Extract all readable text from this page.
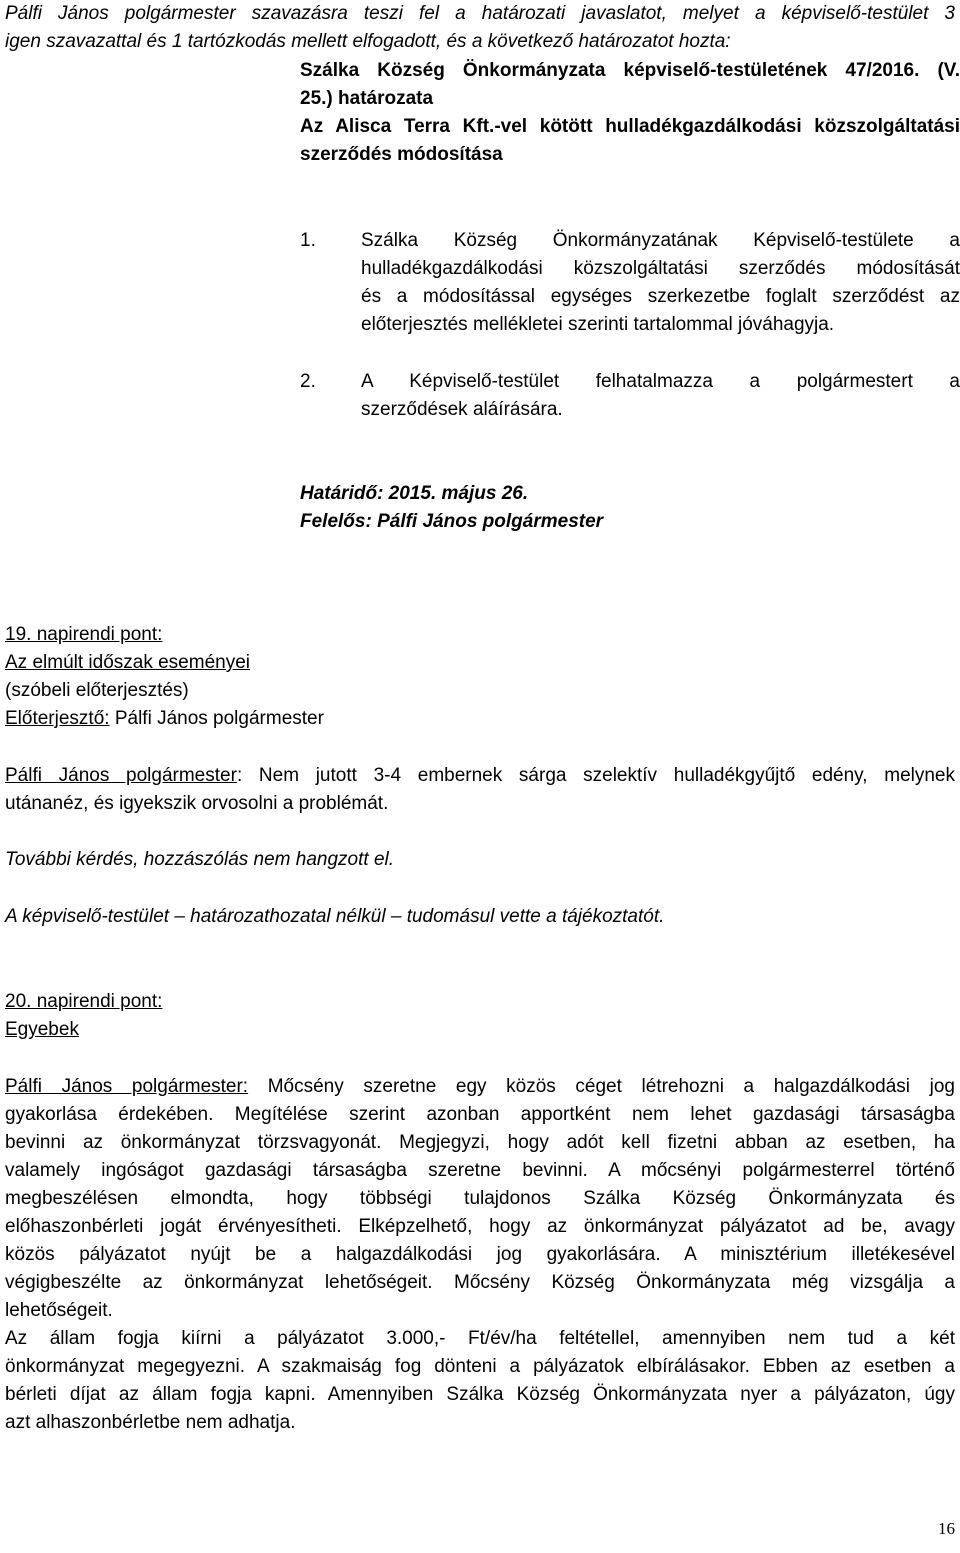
Pálfi János polgármester szavazásra teszi fel a határozati javaslatot, melyet a képviselő-testület 3
igen szavazattal és 1 tartózkodás mellett elfogadott, és a következő határozatot hozta:
Szálka Község Önkormányzata képviselő-testületének 47/2016. (V.
25.) határozata
Az Alisca Terra Kft.-vel kötött hulladékgazdálkodási közszolgáltatási
szerződés módosítása
1. Szálka Község Önkormányzatának Képviselő-testülete a
hulladékgazdálkodási közszolgáltatási szerződés módosítását
és a módosítással egységes szerkezetbe foglalt szerződést az
előterjesztés mellékletei szerinti tartalommal jóváhagyja.
2. A Képviselő-testület felhatalmazza a polgármestert a
szerződések aláírására.
Határidő: 2015. május 26.
Felelős: Pálfi János polgármester
19. napirendi pont:
Az elmúlt időszak eseményei
(szóbeli előterjesztés)
Előterjesztő: Pálfi János polgármester
Pálfi János polgármester: Nem jutott 3-4 embernek sárga szelektív hulladékgyűjtő edény, melynek
utánanéz, és igyekszik orvosolni a problémát.
További kérdés, hozzászólás nem hangzott el.
A képviselő-testület – határozathozatal nélkül – tudomásul vette a tájékoztatót.
20. napirendi pont:
Egyebek
Pálfi János polgármester: Mőcsény szeretne egy közös céget létrehozni a halgazdálkodási jog
gyakorlása érdekében. Megítélése szerint azonban apportként nem lehet gazdasági társaságba
bevinni az önkormányzat törzsvagyonát. Megjegyzi, hogy adót kell fizetni abban az esetben, ha
valamely ingóságot gazdasági társaságba szeretne bevinni. A mőcsényi polgármesterrel történő
megbeszélésen elmondta, hogy többségi tulajdonos Szálka Község Önkormányzata és
előhaszonbérleti jogát érvényesítheti. Elképzelhető, hogy az önkormányzat pályázatot ad be, avagy
közös pályázatot nyújt be a halgazdálkodási jog gyakorlására. A minisztérium illetékesével
végigbeszélte az önkormányzat lehetőségeit. Mőcsény Község Önkormányzata még vizsgálja a
lehetőségeit.
Az állam fogja kiírni a pályázatot 3.000,- Ft/év/ha feltétellel, amennyiben nem tud a két
önkormányzat megegyezni. A szakmaiság fog dönteni a pályázatok elbírálásakor. Ebben az esetben a
bérleti díjat az állam fogja kapni. Amennyiben Szálka Község Önkormányzata nyer a pályázaton, úgy
azt alhaszonbérletbe nem adhatja.
16
